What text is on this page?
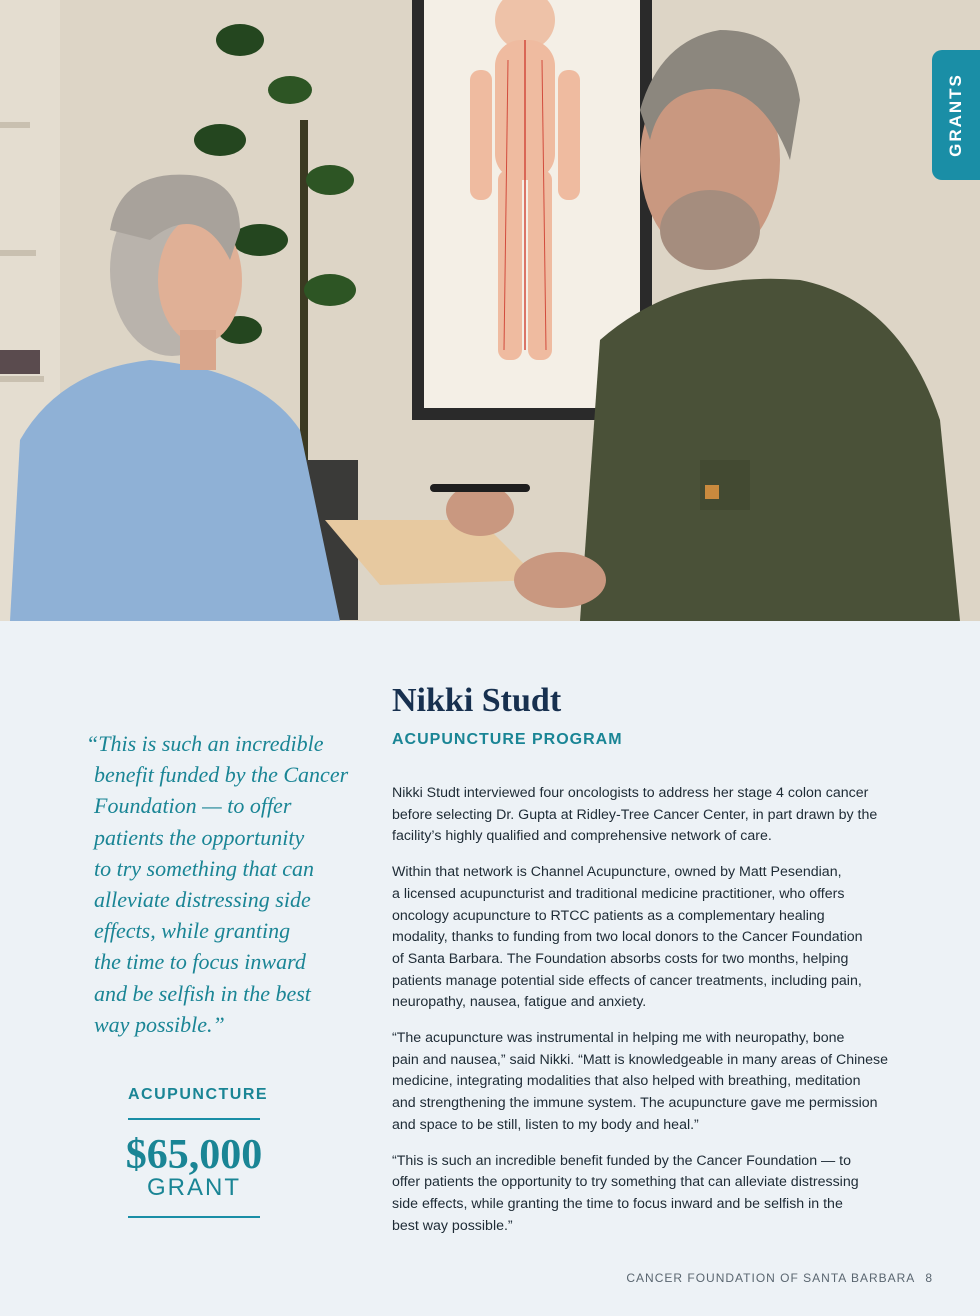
GRANTS
“This is such an incredible
benefit funded by the Cancer
Foundation — to offer
patients the opportunity
to try something that can
alleviate distressing side
effects, while granting
the time to focus inward
and be selfish in the best
way possible.”
ACUPUNCTURE
$65,000
GRANT
Nikki Studt
ACUPUNCTURE PROGRAM

Nikki Studt interviewed four oncologists to address her stage 4 colon cancer
before selecting Dr. Gupta at Ridley-Tree Cancer Center, in part drawn by the
facility’s highly qualified and comprehensive network of care.

Within that network is Channel Acupuncture, owned by Matt Pesendian,
a licensed acupuncturist and traditional medicine practitioner, who offers
oncology acupuncture to RTCC patients as a complementary healing
modality, thanks to funding from two local donors to the Cancer Foundation
of Santa Barbara. The Foundation absorbs costs for two months, helping
patients manage potential side effects of cancer treatments, including pain,
neuropathy, nausea, fatigue and anxiety.

“The acupuncture was instrumental in helping me with neuropathy, bone
pain and nausea,” said Nikki. “Matt is knowledgeable in many areas of Chinese
medicine, integrating modalities that also helped with breathing, meditation
and strengthening the immune system. The acupuncture gave me permission
and space to be still, listen to my body and heal.”

“This is such an incredible benefit funded by the Cancer Foundation — to
offer patients the opportunity to try something that can alleviate distressing
side effects, while granting the time to focus inward and be selfish in the
best way possible.”

CANCER FOUNDATION OF SANTA BARBARA 8
